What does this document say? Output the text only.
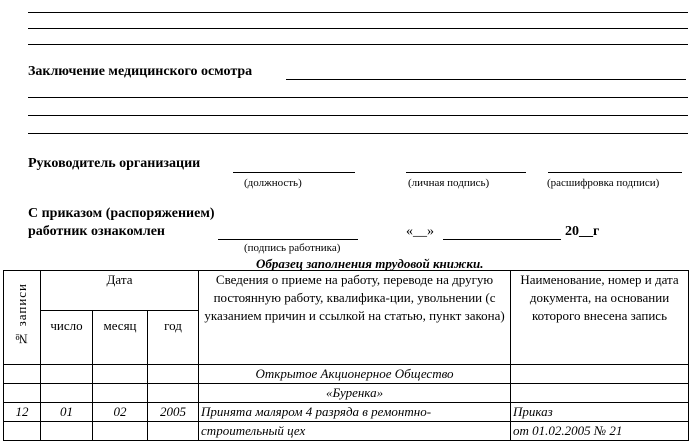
Заключение медицинского осмотра
Руководитель организации
(должность)	(личная подпись)	(расшифровка подписи)
С приказом (распоряжением)
работник ознакомлен	«__»	20__г
(подпись работника)
Образец заполнения трудовой книжки.
№ записи	Дата			Сведения о приеме на работу, переводе на другую постоянную работу, квалифика-ции, увольнении (с указанием причин и ссылкой на статью, пункт закона)	Наименование, номер и дата документа, на основании которого внесена запись
	число	месяц	год		
				Открытое Акционерное Общество	
				«Буренка»	
12	01	02	2005	Принята маляром 4 разряда в ремонтно-	Приказ
				строительный цех	от 01.02.2005 № 21
